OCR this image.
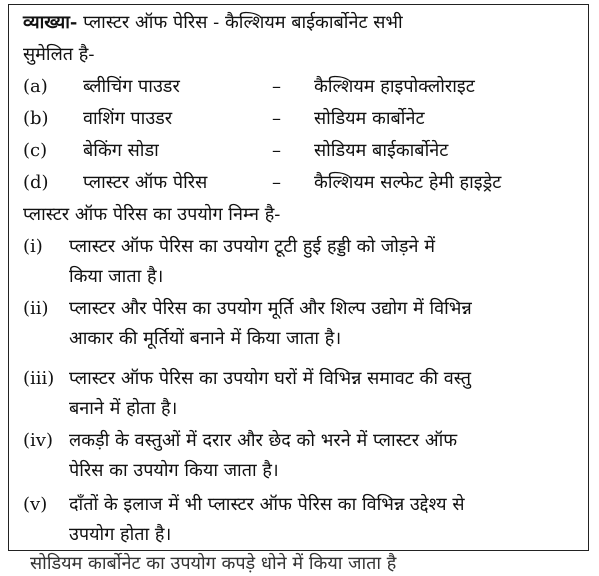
व्याख्या- प्लास्टर ऑफ पेरिस - कैल्शियम बाईकार्बोनेट सभी
सुमेलित है-
(a) ब्लीचिंग पाउडर	– कैल्शियम हाइपोक्लोराइट
(b) वाशिंग पाउडर	– सोडियम कार्बोनेट
(c) बेकिंग सोडा	– सोडियम बाईकार्बोनेट
(d) प्लास्टर ऑफ पेरिस	– कैल्शियम सल्फेट हेमी हाइड्रेट
प्लास्टर ऑफ पेरिस का उपयोग निम्न है-
(i) प्लास्टर ऑफ पेरिस का उपयोग टूटी हुई हड्डी को जोड़ने में
किया जाता है।
(ii) प्लास्टर और पेरिस का उपयोग मूर्ति और शिल्प उद्योग में विभिन्न
आकार की मूर्तियों बनाने में किया जाता है।
(iii) प्लास्टर ऑफ पेरिस का उपयोग घरों में विभिन्न समावट की वस्तु
बनाने में होता है।
(iv) लकड़ी के वस्तुओं में दरार और छेद को भरने में प्लास्टर ऑफ
पेरिस का उपयोग किया जाता है।
(v) दाँतों के इलाज में भी प्लास्टर ऑफ पेरिस का विभिन्न उद्देश्य से
उपयोग होता है।
सोडियम कार्बोनेट का उपयोग कपड़े धोने में किया जाता है
